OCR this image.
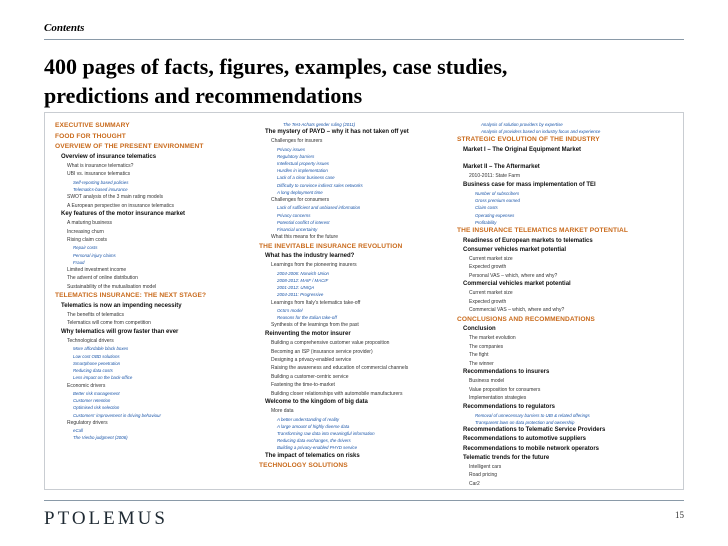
Contents
400 pages of facts, figures, examples, case studies,
predictions and recommendations
EXECUTIVE SUMMARY
FOOD FOR THOUGHT
OVERVIEW OF THE PRESENT ENVIRONMENT
Overview of insurance telematics
What is insurance telematics?
UBI vs. insurance telematics
Self-reporting based policies
Telematics-based insurance
SWOT analysis of the 3 main rating models
A European perspective on insurance telematics
Key features of the motor insurance market
A maturing business
Increasing churn
Rising claim costs
Repair costs
Personal injury claims
Fraud
Limited investment income
The advent of online distribution
Sustainability of the mutualisation model
TELEMATICS INSURANCE: THE NEXT STAGE?
Telematics is now an impending necessity
The benefits of telematics
Telematics will come from competition
Why telematics will grow faster than ever
Technological drivers
More affordable black boxes
Low cost OBD solutions
Smartphone penetration
Reducing data costs
Less impact on the back-office
Economic drivers
Better risk management
Customer retention
Optimised risk selection
Customers' improvement in driving behaviour
Regulatory drivers
eCall
The Vierbo judgment (2006)
The Test-Achats gender ruling (2011)
The mystery of PAYD – why it has not taken off yet
Challenges for insurers
Privacy issues
Regulatory barriers
Intellectual property issues
Hurdles in implementation
Lack of a clear business case
Difficulty to convince indirect sales networks
A long deployment time
Challenges for consumers
Lack of sufficient and unbiased information
Privacy concerns
Potential conflict of interest
Financial uncertainty
What this means for the future
THE INEVITABLE INSURANCE REVOLUTION
What has the industry learned?
Learnings from the pioneering insurers
2004-2006: Norwich Union
2008-2012: MAIF / MACIF
2001-2012: UNIQA
2004-2011: Progressive
Learnings from Italy's telematics take-off
Octo's model
Reasons for the Italian take-off
Synthesis of the learnings from the past
Reinventing the motor insurer
Building a comprehensive customer value proposition
Becoming an ISP (insurance service provider)
Designing a privacy-enabled service
Raising the awareness and education of commercial channels
Building a customer-centric service
Fastening the time-to-market
Building closer relationships with automobile manufacturers
Welcome to the kingdom of big data
More data
A better understanding of reality
A large amount of highly diverse data
Transforming raw data into meaningful information
Reducing data exchanges, the drivers
Building a privacy-enabled PHYD service
The impact of telematics on risks
TECHNOLOGY SOLUTIONS
Analysis of solution providers by expertise
Analysis of providers based on industry focus and experience
STRATEGIC EVOLUTION OF THE INDUSTRY
Market I – The Original Equipment Market

Market II – The Aftermarket
2010-2011: State Farm
Business case for mass implementation of TEI
Number of subscribers
Gross premium earned
Claim costs
Operating expenses
Profitability
THE INSURANCE TELEMATICS MARKET POTENTIAL
Readiness of European markets to telematics
Consumer vehicles market potential
Current market size
Expected growth
Personal VAS – which, where and why?
Commercial vehicles market potential
Current market size
Expected growth
Commercial VAS – which, where and why?
CONCLUSIONS AND RECOMMENDATIONS
Conclusion
The market evolution
The companies
The fight
The winner
Recommendations to insurers
Business model
Value proposition for consumers
Implementation strategies
Recommendations to regulators
Removal of unnecessary barriers to UBI & related offerings
Transparent laws on data protection and ownership
Recommendations to Telematic Service Providers
Recommendations to automotive suppliers
Recommendations to mobile network operators
Telematic trends for the future
Intelligent cars
Road pricing
Car2
PTOLEMUS	15
